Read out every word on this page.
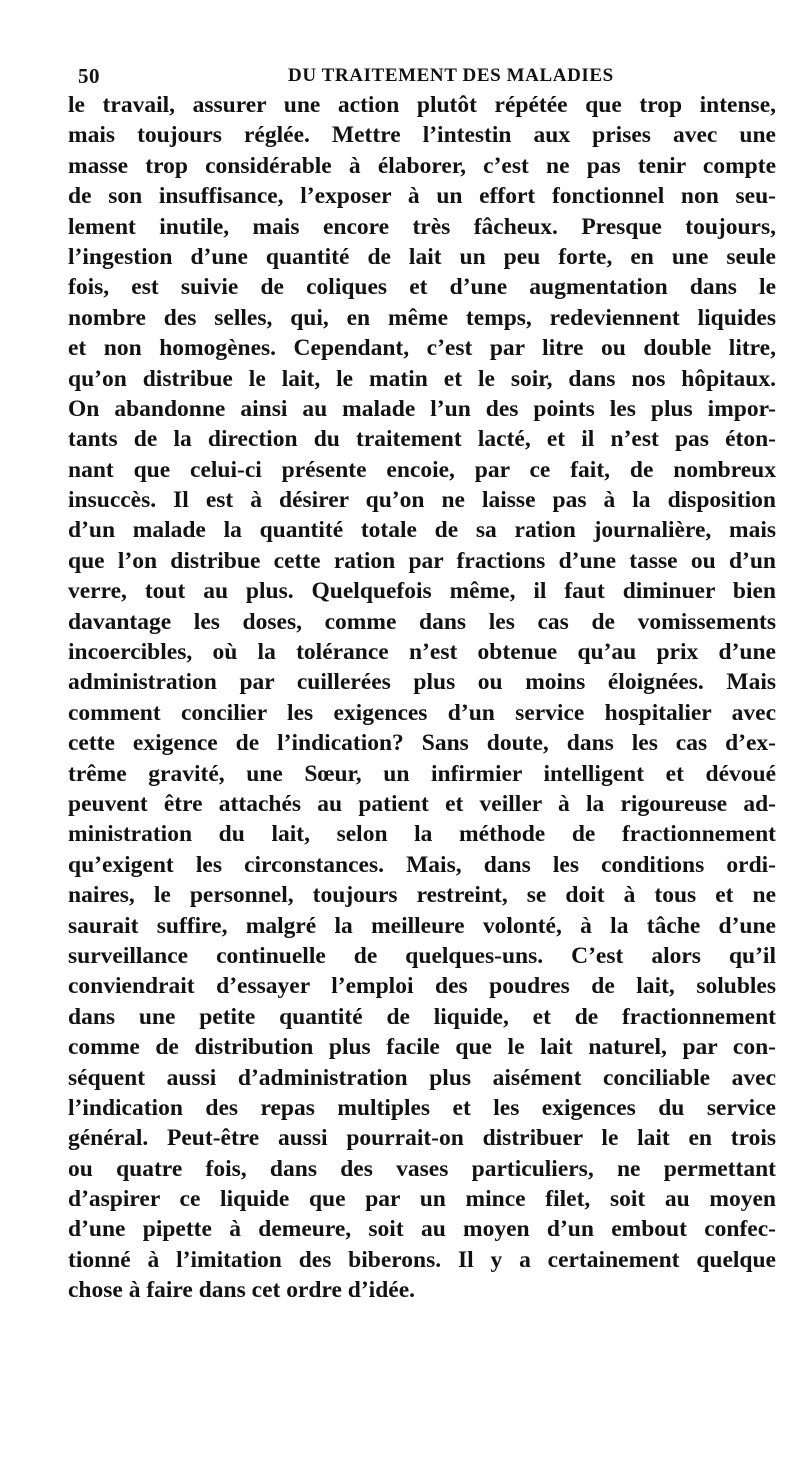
50	DU TRAITEMENT DES MALADIES
le travail, assurer une action plutôt répétée que trop intense,
mais toujours réglée. Mettre l’intestin aux prises avec une
masse trop considérable à élaborer, c’est ne pas tenir compte
de son insuffisance, l’exposer à un effort fonctionnel non seu-
lement inutile, mais encore très fâcheux. Presque toujours,
l’ingestion d’une quantité de lait un peu forte, en une seule
fois, est suivie de coliques et d’une augmentation dans le
nombre des selles, qui, en même temps, redeviennent liquides
et non homogènes. Cependant, c’est par litre ou double litre,
qu’on distribue le lait, le matin et le soir, dans nos hôpitaux.
On abandonne ainsi au malade l’un des points les plus impor-
tants de la direction du traitement lacté, et il n’est pas éton-
nant que celui-ci présente encoie, par ce fait, de nombreux
insuccès. Il est à désirer qu’on ne laisse pas à la disposition
d’un malade la quantité totale de sa ration journalière, mais
que l’on distribue cette ration par fractions d’une tasse ou d’un
verre, tout au plus. Quelquefois même, il faut diminuer bien
davantage les doses, comme dans les cas de vomissements
incoercibles, où la tolérance n’est obtenue qu’au prix d’une
administration par cuillerées plus ou moins éloignées. Mais
comment concilier les exigences d’un service hospitalier avec
cette exigence de l’indication? Sans doute, dans les cas d’ex-
trême gravité, une Sœur, un infirmier intelligent et dévoué
peuvent être attachés au patient et veiller à la rigoureuse ad-
ministration du lait, selon la méthode de fractionnement
qu’exigent les circonstances. Mais, dans les conditions ordi-
naires, le personnel, toujours restreint, se doit à tous et ne
saurait suffire, malgré la meilleure volonté, à la tâche d’une
surveillance continuelle de quelques-uns. C’est alors qu’il
conviendrait d’essayer l’emploi des poudres de lait, solubles
dans une petite quantité de liquide, et de fractionnement
comme de distribution plus facile que le lait naturel, par con-
séquent aussi d’administration plus aisément conciliable avec
l’indication des repas multiples et les exigences du service
général. Peut-être aussi pourrait-on distribuer le lait en trois
ou quatre fois, dans des vases particuliers, ne permettant
d’aspirer ce liquide que par un mince filet, soit au moyen
d’une pipette à demeure, soit au moyen d’un embout confec-
tionné à l’imitation des biberons. Il y a certainement quelque
chose à faire dans cet ordre d’idée.
